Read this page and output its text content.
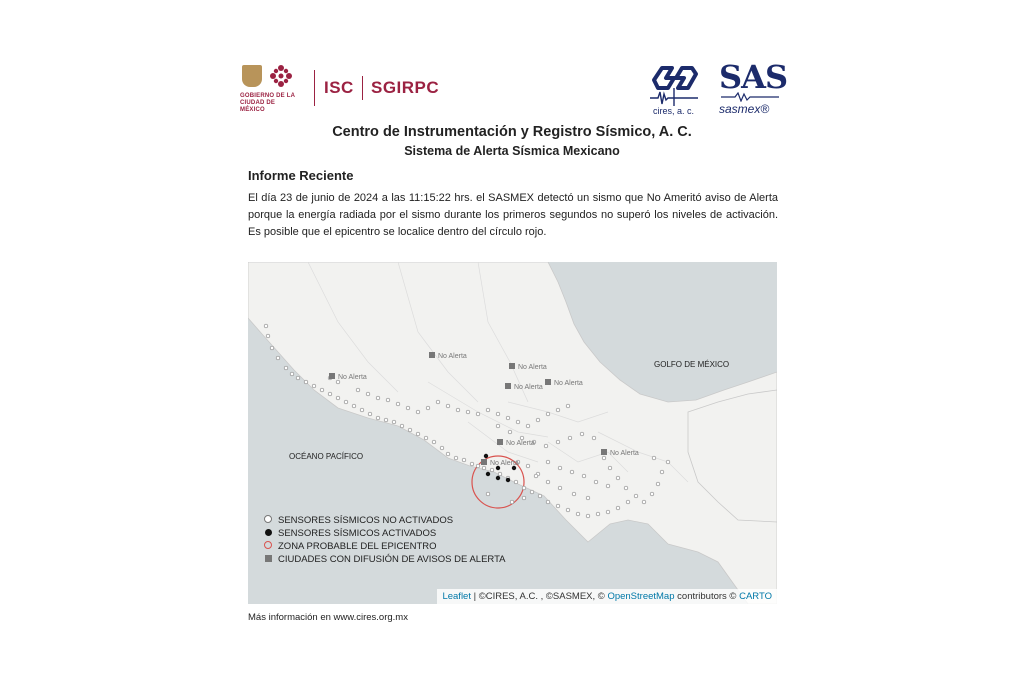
GOBIERNO DE LA
CIUDAD DE MÉXICO
ISC SGIRPC
cires, a. c.
SAS
sasmex®
Centro de Instrumentación y Registro Sísmico, A. C.
Sistema de Alerta Sísmica Mexicano
Informe Reciente
El día 23 de junio de 2024 a las 11:15:22 hrs. el SASMEX detectó un sismo que No Ameritó aviso de Alerta porque la energía radiada por el sismo durante los primeros segundos no superó los niveles de activación. Es posible que el epicentro se localice dentro del círculo rojo.
No Alerta
No Alerta
No Alerta
No Alerta
No Alerta
No Alerta
No Alerta
No Alerta
GOLFO DE MÉXICO
OCÉANO PACÍFICO
SENSORES SÍSMICOS NO ACTIVADOS
SENSORES SÍSMICOS ACTIVADOS
ZONA PROBABLE DEL EPICENTRO
CIUDADES CON DIFUSIÓN DE AVISOS DE ALERTA
Leaflet | ©CIRES, A.C. , ©SASMEX, © OpenStreetMap contributors © CARTO
Más información en www.cires.org.mx
